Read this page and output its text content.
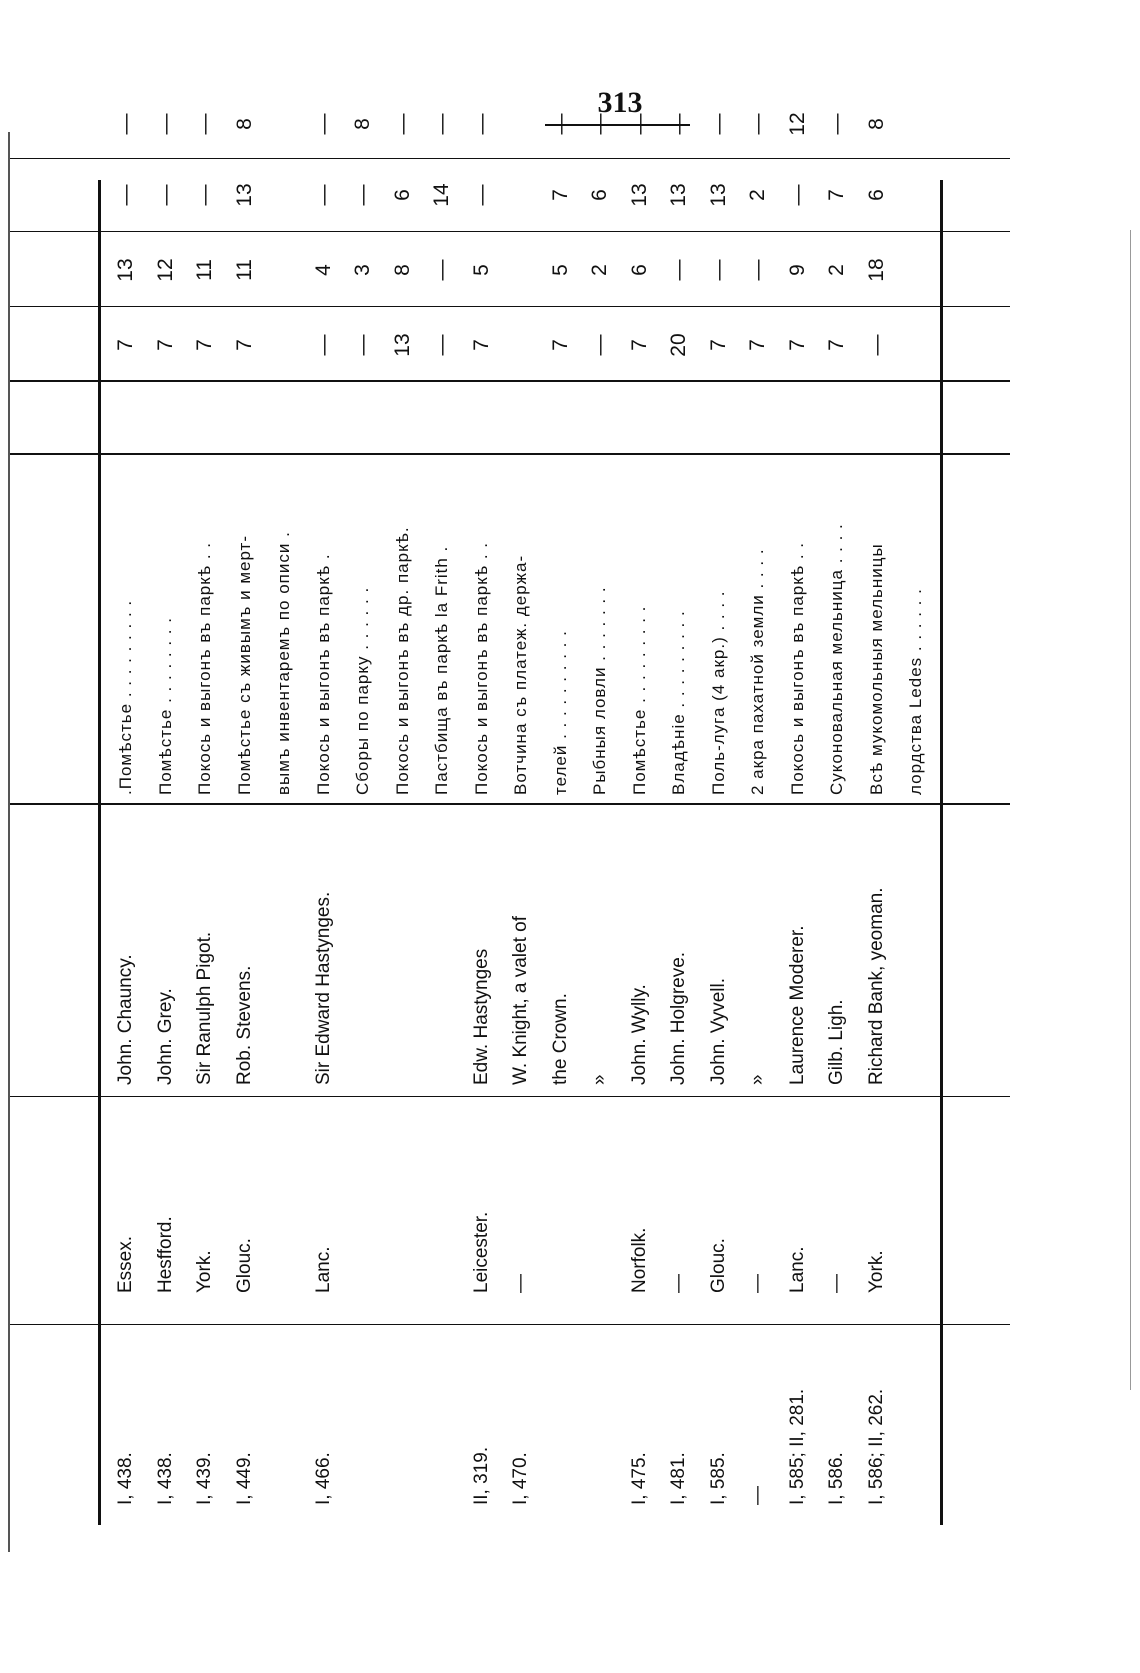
313
I, 438.
Essex.
John. Chauncy.
.Помѣстье . . . . . . . . .
7
13
—
—
I, 438.
Hesfford.
John. Grey.
Помѣстье . . . . . . . .
7
12
—
—
I, 439.
York.
Sir Ranulph Pigot.
Покось и выгонъ въ паркѣ . .
7
11
—
—
I, 449.
Glouc.
Rob. Stevens.
Помѣстье съ живымъ и мерт-
7
11
13
8
вымъ инвентаремъ по описи .
I, 466.
Lanc.
Sir Edward Hastynges.
Покось и выгонъ въ паркѣ .
—
4
—
—
Сборы по парку . . . . . .
—
3
—
8
Покось и выгонъ въ др. паркѣ.
13
8
6
—
Пастбища въ паркѣ la Frith .
—
—
14
—
II, 319.
Leicester.
Edw. Hastynges
Покось и выгонъ въ паркѣ . .
7
5
—
—
I, 470.
—
W. Knight, a valet of
Вотчина съ платеж. держа-
the Crown.
телей . . . . . . . . . .
7
5
7
—
»
Рыбныя ловли . . . . . . .
—
2
6
—
I, 475.
Norfolk.
John. Wylly.
Помѣстье . . . . . . . . .
7
6
13
—
I, 481.
—
John. Holgreve.
Владѣніе . . . . . . . . .
20
—
13
—
I, 585.
Glouc.
John. Vyvell.
Поль-луга (4 акр.) . . . .
7
—
13
—
—
—
»
2 акра пахатной земли . . . .
7
—
2
—
I, 585; II, 281.
Lanc.
Laurence Moderer.
Покось и выгонъ въ паркѣ . .
7
9
—
12
I, 586.
—
Gilb. Ligh.
Суконовальная мельница . . . .
7
2
7
—
I, 586; II, 262.
York.
Richard Bank, yeoman.
Всѣ мукомольныя мельницы
—
18
6
8
лордства Ledes . . . . . .
